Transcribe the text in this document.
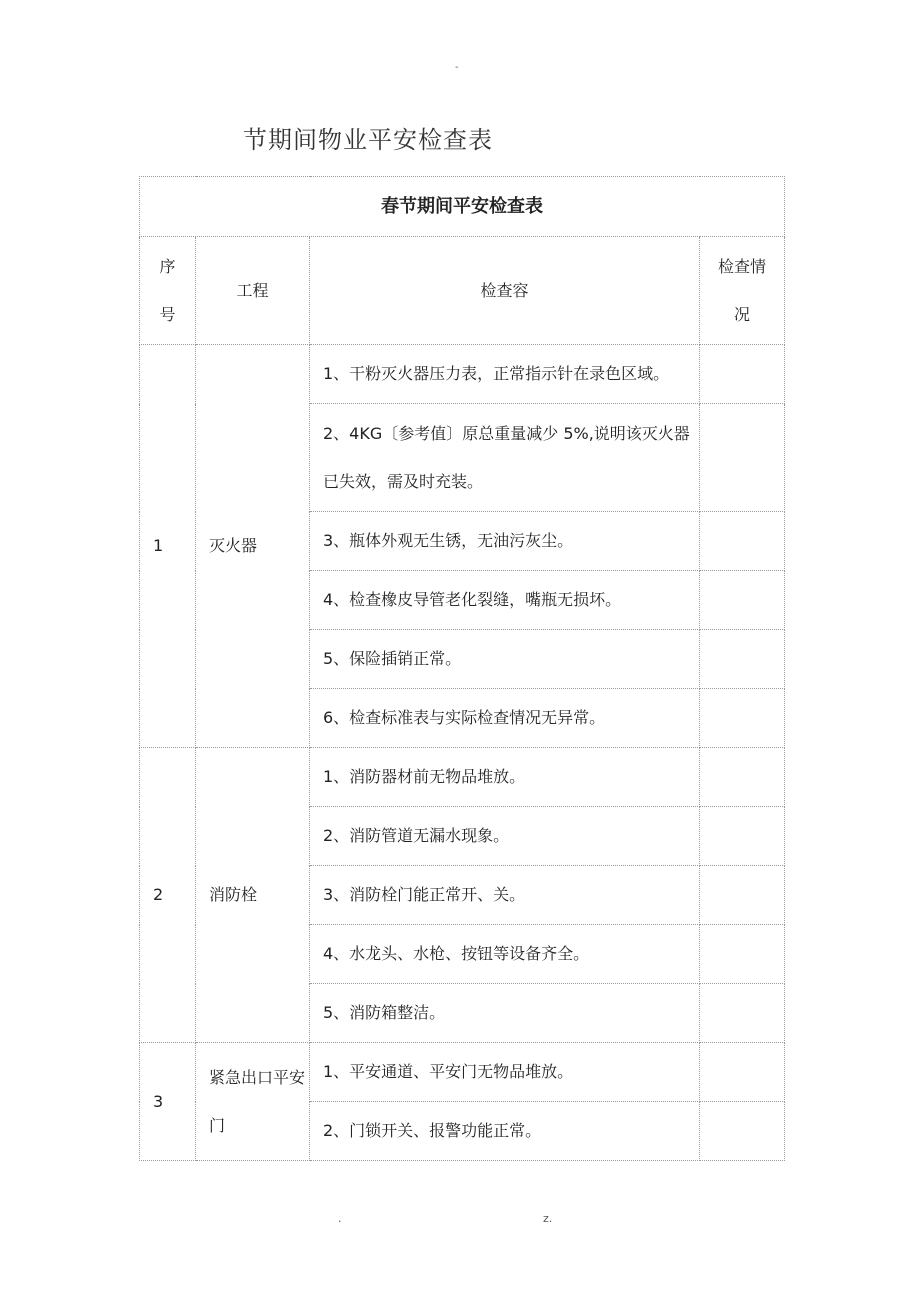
-
节期间物业平安检查表
春节期间平安检查表			
序号	工程	检查容	检查情况
1	灭火器	1、干粉灭火器压力表，正常指示针在录色区域。	
		2、4KG〔参考值〕原总重量减少 5%,说明该灭火器已失效，需及时充装。	
		3、瓶体外观无生锈，无油污灰尘。	
		4、检查橡皮导管老化裂缝，嘴瓶无损坏。	
		5、保险插销正常。	
		6、检查标准表与实际检查情况无异常。	
2	消防栓	1、消防器材前无物品堆放。	
		2、消防管道无漏水现象。	
		3、消防栓门能正常开、关。	
		4、水龙头、水枪、按钮等设备齐全。	
		5、消防箱整洁。	
3	紧急出口平安门	1、平安通道、平安门无物品堆放。	
		2、门锁开关、报警功能正常。	
.	z.
